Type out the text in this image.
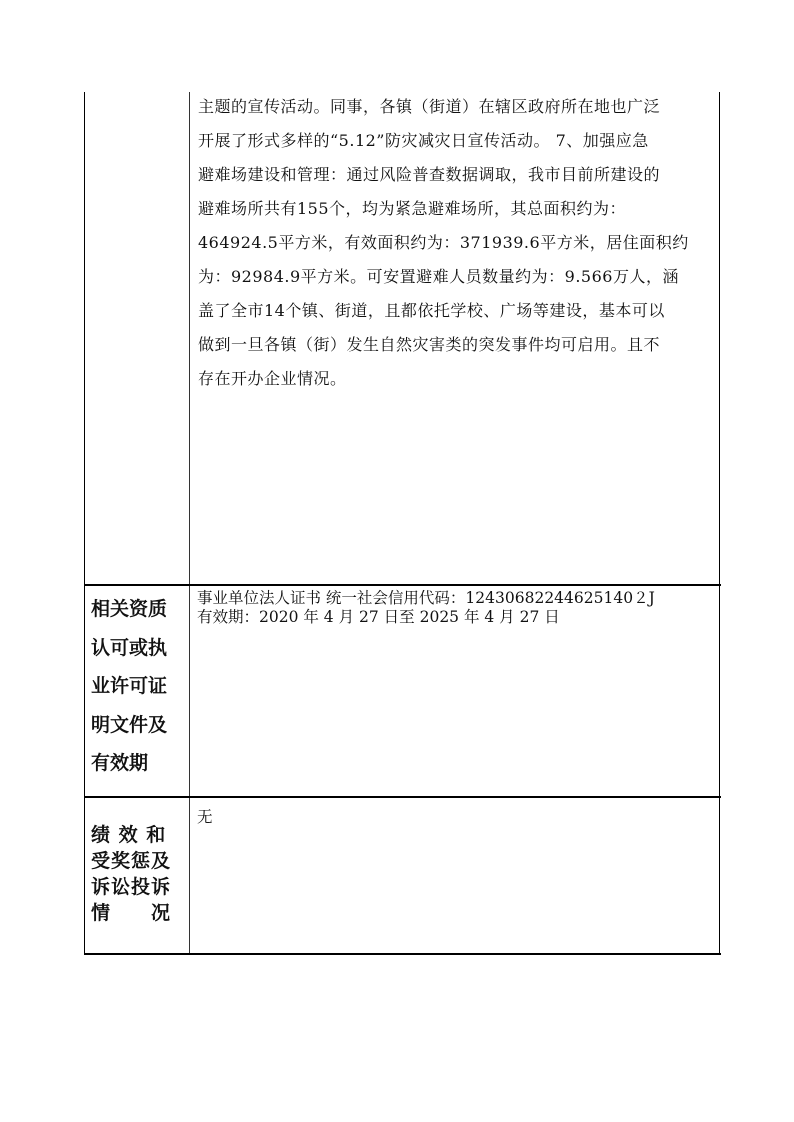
主题的宣传活动。同事，各镇（街道）在辖区政府所在地也广泛
开展了形式多样的“5.12”防灾减灾日宣传活动。 7、加强应急
避难场建设和管理：通过风险普查数据调取，我市目前所建设的
避难场所共有155个，均为紧急避难场所，其总面积约为：
464924.5平方米，有效面积约为：371939.6平方米，居住面积约
为：92984.9平方米。可安置避难人员数量约为：9.566万人，涵
盖了全市14个镇、街道，且都依托学校、广场等建设，基本可以
做到一旦各镇（街）发生自然灾害类的突发事件均可启用。且不
存在开办企业情况。
相关资质
认可或执
业许可证
明文件及
有效期
事业单位法人证书 统一社会信用代码：12430682244625140２J
有效期：2020 年 4 月 27 日至 2025 年 4 月 27 日
绩 效 和
受奖惩及
诉讼投诉
情　　况
无
